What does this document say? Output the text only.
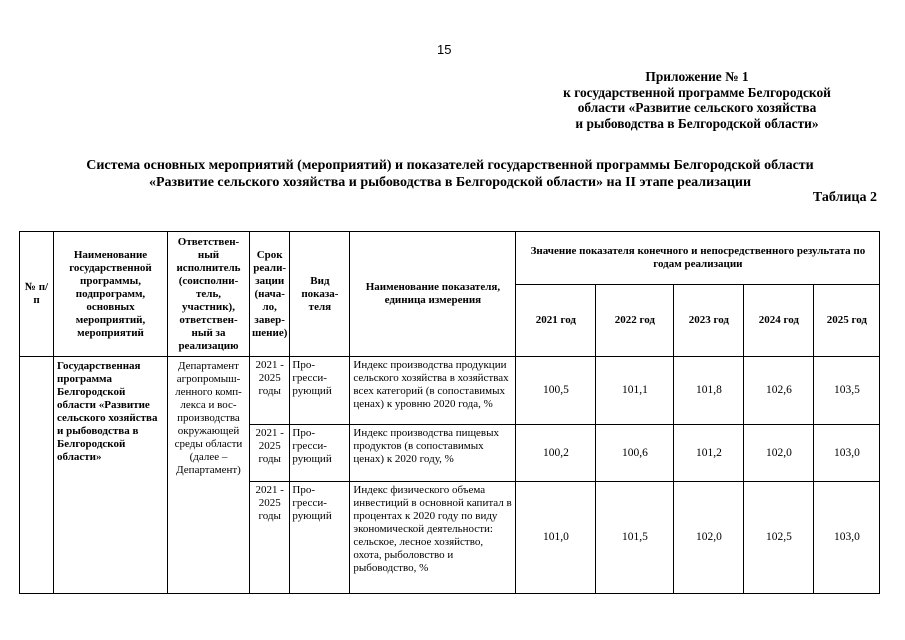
15
Приложение № 1
к государственной программе Белгородской
области «Развитие сельского хозяйства
и рыбоводства в Белгородской области»
Система основных мероприятий (мероприятий) и показателей государственной программы Белгородской области
«Развитие сельского хозяйства и рыбоводства в Белгородской области» на II этапе реализации
Таблица 2
№ п/п	Наименование государственной программы, подпрограмм, основных мероприятий, мероприятий	Ответствен-ный исполнитель (соисполни-тель, участник), ответствен-ный за реализацию	Срок реали-зации (нача-ло, завер-шение)	Вид показа-теля	Наименование показателя, единица измерения	Значение показателя конечного и непосредственного результата по годам реализации				
						2021 год	2022 год	2023 год	2024 год	2025 год
	Государственная программа Белгородской области «Развитие сельского хозяйства и рыбоводства в Белгородской области»	Департамент агропромыш-ленного комп-лекса и вос-производства окружающей среды области (далее – Департамент)	2021 - 2025 годы	Про-гресси-рующий	Индекс производства продукции сельского хозяйства в хозяйствах всех категорий (в сопоставимых ценах) к уровню 2020 года, %	100,5	101,1	101,8	102,6	103,5
			2021 - 2025 годы	Про-гресси-рующий	Индекс производства пищевых продуктов (в сопоставимых ценах) к 2020 году, %	100,2	100,6	101,2	102,0	103,0
			2021 - 2025 годы	Про-гресси-рующий	Индекс физического объема инвестиций в основной капитал в процентах к 2020 году по виду экономической деятельности: сельское, лесное хозяйство, охота, рыболовство и рыбоводство, %	101,0	101,5	102,0	102,5	103,0
